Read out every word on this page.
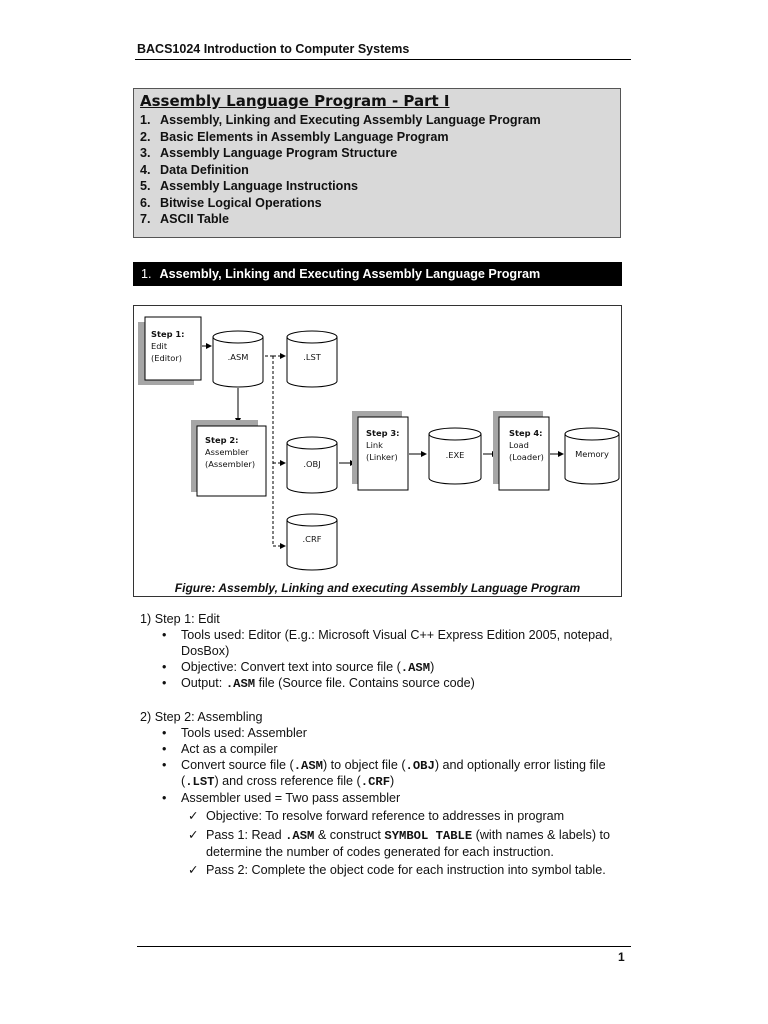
BACS1024 Introduction to Computer Systems
Assembly Language Program - Part I
1. Assembly, Linking and Executing Assembly Language Program
2. Basic Elements in Assembly Language Program
3. Assembly Language Program Structure
4. Data Definition
5. Assembly Language Instructions
6. Bitwise Logical Operations
7. ASCII Table
1. Assembly, Linking and Executing Assembly Language Program
Step 1:
Edit
(Editor)	.ASM	.LST
Step 2:
Assembler
(Assembler)	.OBJ
.CRF
Step 3:
Link
(Linker)	.EXE
Step 4:
Load
(Loader)	Memory
Figure: Assembly, Linking and executing Assembly Language Program
1) Step 1: Edit
• Tools used: Editor (E.g.: Microsoft Visual C++ Express Edition 2005, notepad,
DosBox)
• Objective: Convert text into source file (.ASM)
• Output: .ASM file (Source file. Contains source code)
2) Step 2: Assembling
• Tools used: Assembler
• Act as a compiler
• Convert source file (.ASM) to object file (.OBJ) and optionally error listing file
(.LST) and cross reference file (.CRF)
• Assembler used = Two pass assembler
✓ Objective: To resolve forward reference to addresses in program
✓ Pass 1: Read .ASM & construct SYMBOL TABLE (with names & labels) to
determine the number of codes generated for each instruction.
✓ Pass 2: Complete the object code for each instruction into symbol table.
1
